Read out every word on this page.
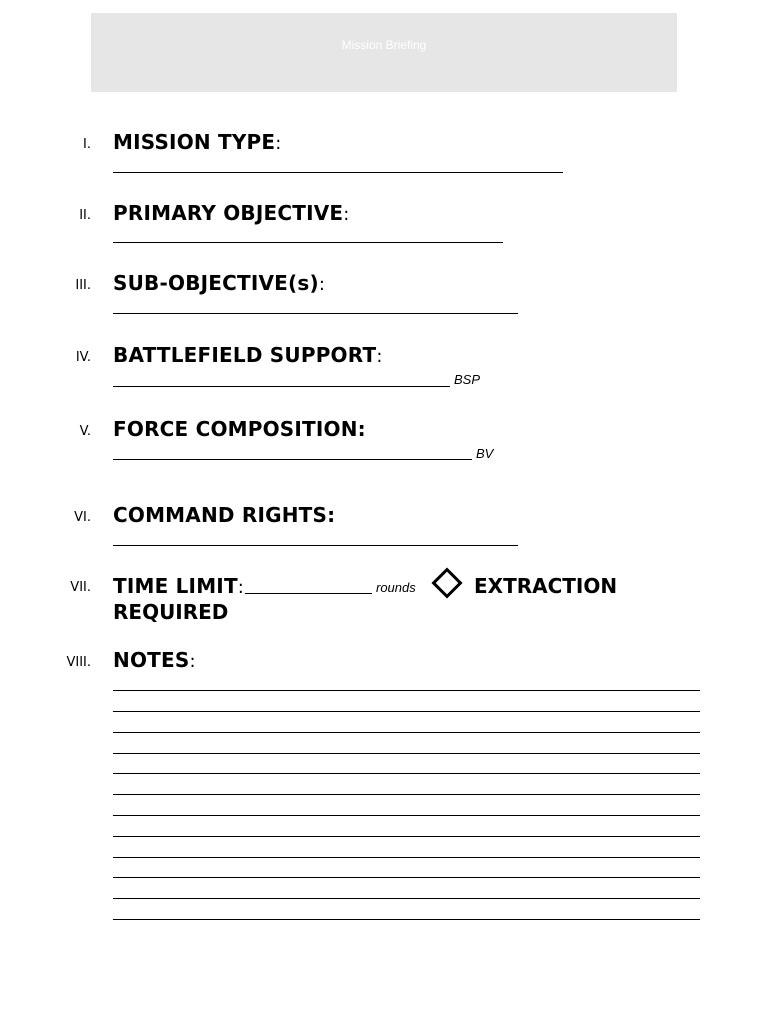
Mission Briefing
I. MISSION TYPE:
II. PRIMARY OBJECTIVE:
III. SUB-OBJECTIVE(s):
IV. BATTLEFIELD SUPPORT:
BSP
V. FORCE COMPOSITION:
BV
VI. COMMAND RIGHTS:
VII. TIME LIMIT:	rounds	EXTRACTION
REQUIRED
VIII. NOTES:
